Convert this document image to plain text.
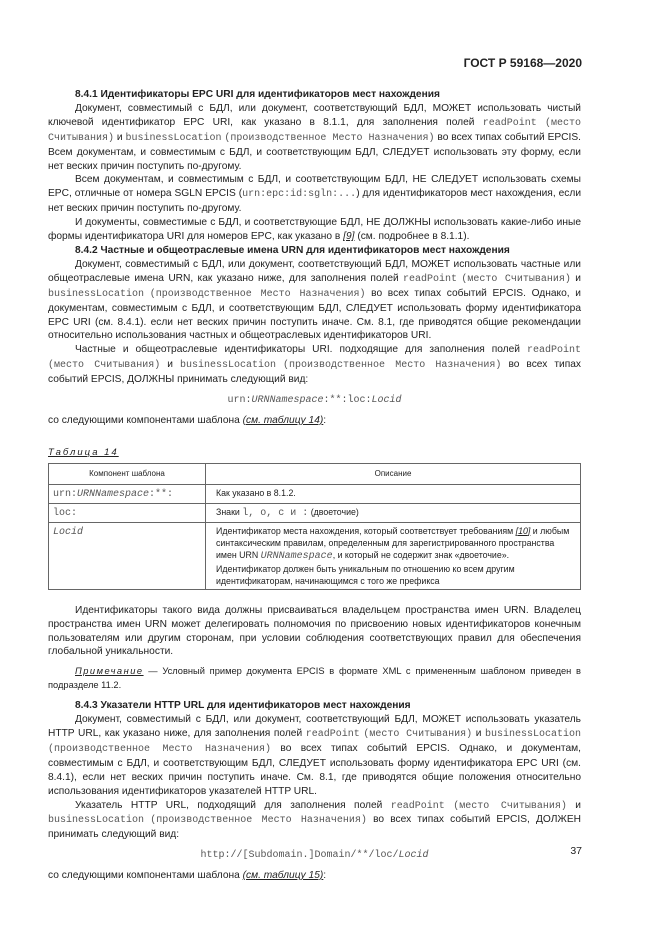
ГОСТ Р 59168—2020

8.4.1 Идентификаторы EPC URI для идентификаторов мест нахождения

Документ, совместимый с БДЛ, или документ, соответствующий БДЛ, МОЖЕТ использовать чистый ключевой идентификатор EPC URI, как указано в 8.1.1, для заполнения полей readPoint (место Считывания) и businessLocation (производственное Место Назначения) во всех типах событий EPCIS. Всем документам, и совместимым с БДЛ, и соответствующим БДЛ, СЛЕДУЕТ использовать эту форму, если нет веских причин поступить по-другому.

Всем документам, и совместимым с БДЛ, и соответствующим БДЛ, НЕ СЛЕДУЕТ использовать схемы EPC, отличные от номера SGLN EPCIS (urn:epc:id:sgln:...) для идентификаторов мест нахождения, если нет веских причин поступить по-другому.

И документы, совместимые с БДЛ, и соответствующие БДЛ, НЕ ДОЛЖНЫ использовать какие-либо иные формы идентификатора URI для номеров EPC, как указано в [9] (см. подробнее в 8.1.1).

8.4.2 Частные и общеотраслевые имена URN для идентификаторов мест нахождения

Документ, совместимый с БДЛ, или документ, соответствующий БДЛ, МОЖЕТ использовать частные или общеотраслевые имена URN, как указано ниже, для заполнения полей readPoint (место Считывания) и businessLocation (производственное Место Назначения) во всех типах событий EPCIS. Однако, и документам, совместимым с БДЛ, и соответствующим БДЛ, СЛЕДУЕТ использовать форму идентификатора EPC URI (см. 8.4.1). если нет веских причин поступить иначе. См. 8.1, где приводятся общие рекомендации относительно использования частных и общеотраслевых идентификаторов URI.

Частные и общеотраслевые идентификаторы URI. подходящие для заполнения полей readPoint (место Считывания) и businessLocation (производственное Место Назначения) во всех типах событий EPCIS, ДОЛЖНЫ принимать следующий вид:

urn:URNNamespace:**:loc:Locid

со следующими компонентами шаблона (см. таблицу 14):

Таблица 14
Компонент шаблона	Описание
urn:URNNamespace:**:	Как указано в 8.1.2.
loc:	Знаки l, o, c и : (двоеточие)
Locid	Идентификатор места нахождения, который соответствует требованиям [10] и любым синтаксическим правилам, определенным для зарегистрированного пространства имен URN URNNamespace, и который не содержит знак «двоеточие». Идентификатор должен быть уникальным по отношению ко всем другим идентификаторам, начинающимся с того же префикса

Идентификаторы такого вида должны присваиваться владельцем пространства имен URN. Владелец пространства имен URN может делегировать полномочия по присвоению новых идентификаторов конечным пользователям или другим сторонам, при условии соблюдения соответствующих правил для обеспечения глобальной уникальности.

Примечание — Условный пример документа EPCIS в формате XML с примененным шаблоном приведен в подразделе 11.2.

8.4.3 Указатели HTTP URL для идентификаторов мест нахождения

Документ, совместимый с БДЛ, или документ, соответствующий БДЛ, МОЖЕТ использовать указатель HTTP URL, как указано ниже, для заполнения полей readPoint (место Считывания) и businessLocation (производственное Место Назначения) во всех типах событий EPCIS. Однако, и документам, совместимым с БДЛ, и соответствующим БДЛ, СЛЕДУЕТ использовать форму идентификатора EPC URI (см. 8.4.1), если нет веских причин поступить иначе. См. 8.1, где приводятся общие положения относительно использования идентификаторов указателей HTTP URL.

Указатель HTTP URL, подходящий для заполнения полей readPoint (место Считывания) и businessLocation (производственное Место Назначения) во всех типах событий EPCIS, ДОЛЖЕН принимать следующий вид:

http://[Subdomain.]Domain/**/loc/Locid

со следующими компонентами шаблона (см. таблицу 15):

37
